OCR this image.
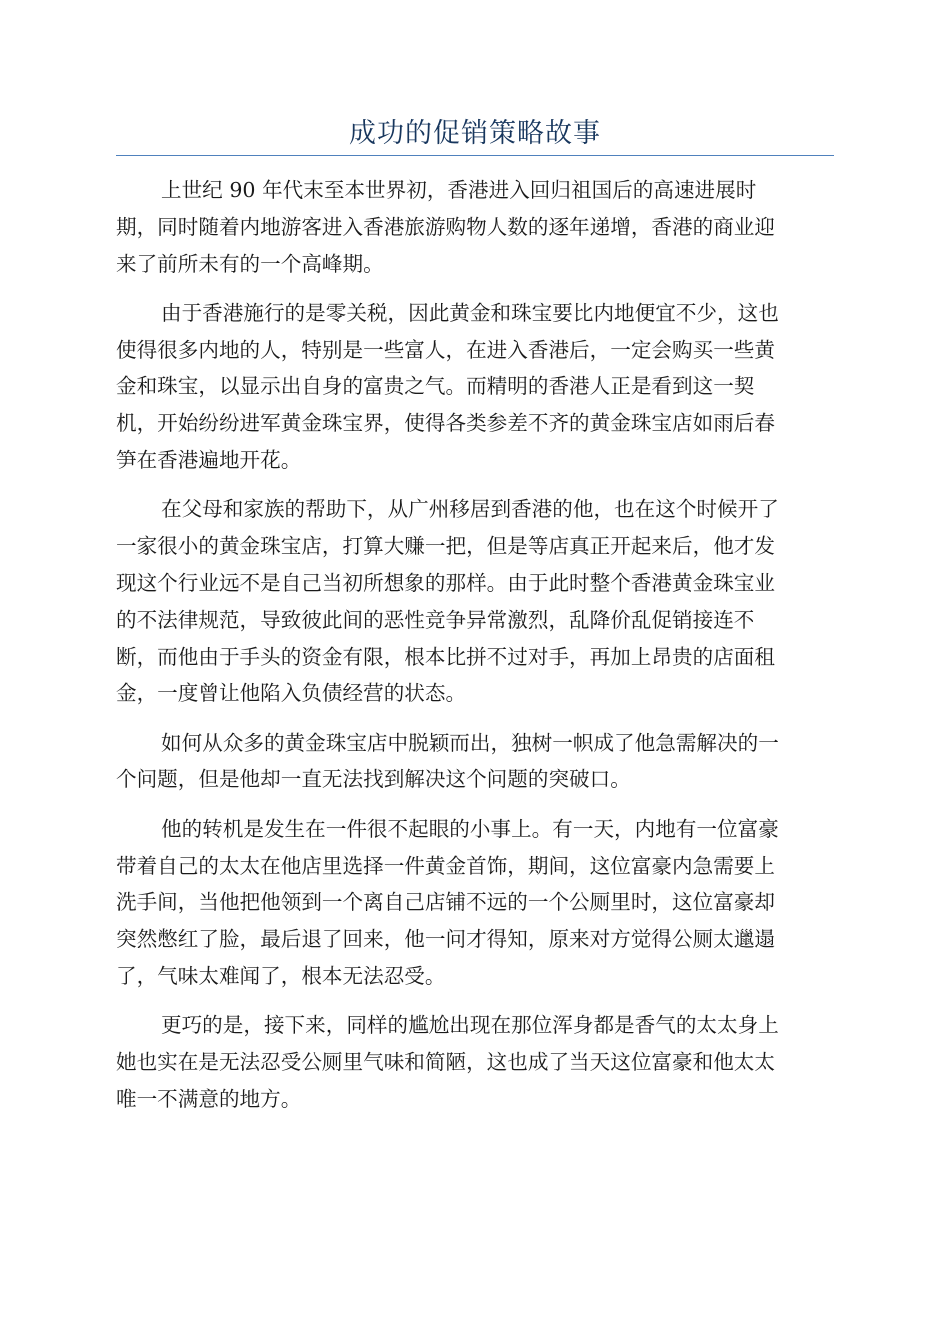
成功的促销策略故事

上世纪 90 年代末至本世界初，香港进入回归祖国后的高速进展时
期，同时随着内地游客进入香港旅游购物人数的逐年递增，香港的商业迎
来了前所未有的一个高峰期。

由于香港施行的是零关税，因此黄金和珠宝要比内地便宜不少，这也
使得很多内地的人，特别是一些富人，在进入香港后，一定会购买一些黄
金和珠宝，以显示出自身的富贵之气。而精明的香港人正是看到这一契
机，开始纷纷进军黄金珠宝界，使得各类参差不齐的黄金珠宝店如雨后春
笋在香港遍地开花。

在父母和家族的帮助下，从广州移居到香港的他，也在这个时候开了
一家很小的黄金珠宝店，打算大赚一把，但是等店真正开起来后，他才发
现这个行业远不是自己当初所想象的那样。由于此时整个香港黄金珠宝业
的不法律规范，导致彼此间的恶性竞争异常激烈，乱降价乱促销接连不
断，而他由于手头的资金有限，根本比拼不过对手，再加上昂贵的店面租
金，一度曾让他陷入负债经营的状态。

如何从众多的黄金珠宝店中脱颖而出，独树一帜成了他急需解决的一
个问题，但是他却一直无法找到解决这个问题的突破口。

他的转机是发生在一件很不起眼的小事上。有一天，内地有一位富豪
带着自己的太太在他店里选择一件黄金首饰，期间，这位富豪内急需要上
洗手间，当他把他领到一个离自己店铺不远的一个公厕里时，这位富豪却
突然憋红了脸，最后退了回来，他一问才得知，原来对方觉得公厕太邋遢
了，气味太难闻了，根本无法忍受。

更巧的是，接下来，同样的尴尬出现在那位浑身都是香气的太太身上
她也实在是无法忍受公厕里气味和简陋，这也成了当天这位富豪和他太太
唯一不满意的地方。
